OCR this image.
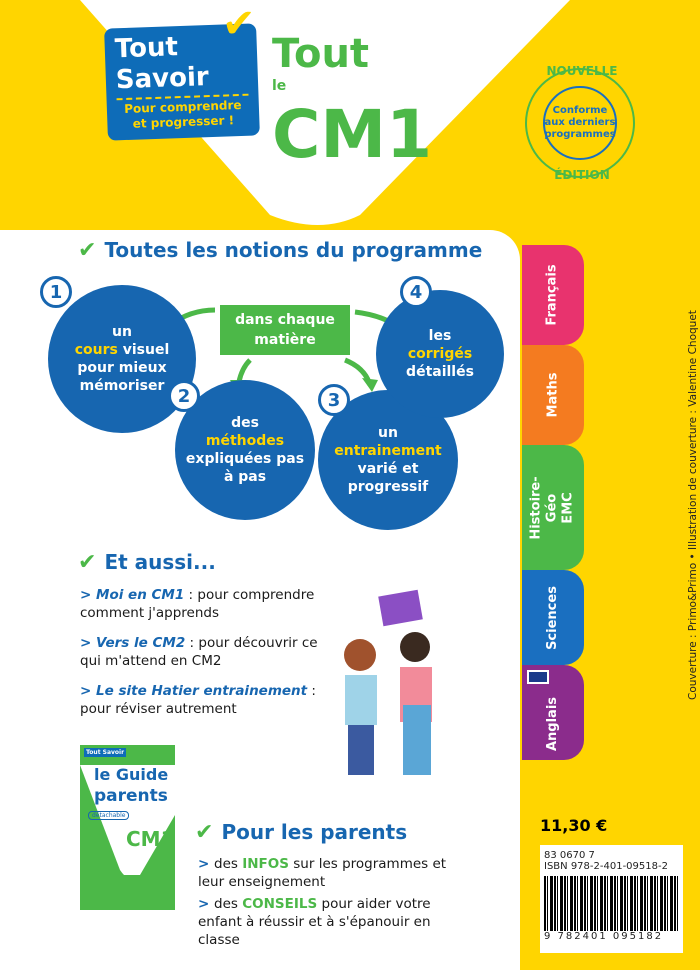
Tout
Savoir
Pour comprendre et progresser !
✔
Tout
le
CM1
NOUVELLE
Conforme aux derniers programmes
ÉDITION
✔ Toutes les notions du programme
dans chaque matière
un
cours visuel pour mieux mémoriser
1
des
méthodes
expliquées pas à pas
2
un
entrainement
varié et progressif
3
les
corrigés
détaillés
4
✔ Et aussi...
> Moi en CM1 : pour comprendre comment j'apprends
> Vers le CM2 : pour découvrir ce qui m'attend en CM2
> Le site Hatier entrainement : pour réviser autrement
Tout Savoir
le Guide
parents
détachable
CM1 ✔ Pour les parents
> des INFOS sur les programmes et leur enseignement
> des CONSEILS pour aider votre enfant à réussir et à s'épanouir en classe
Français
Maths
Histoire-Géo EMC
Sciences
Anglais
11,30 €
83 0670 7
ISBN 978-2-401-09518-2
9 782401 095182
Couverture : Primo&Primo • Illustration de couverture : Valentine Choquet
